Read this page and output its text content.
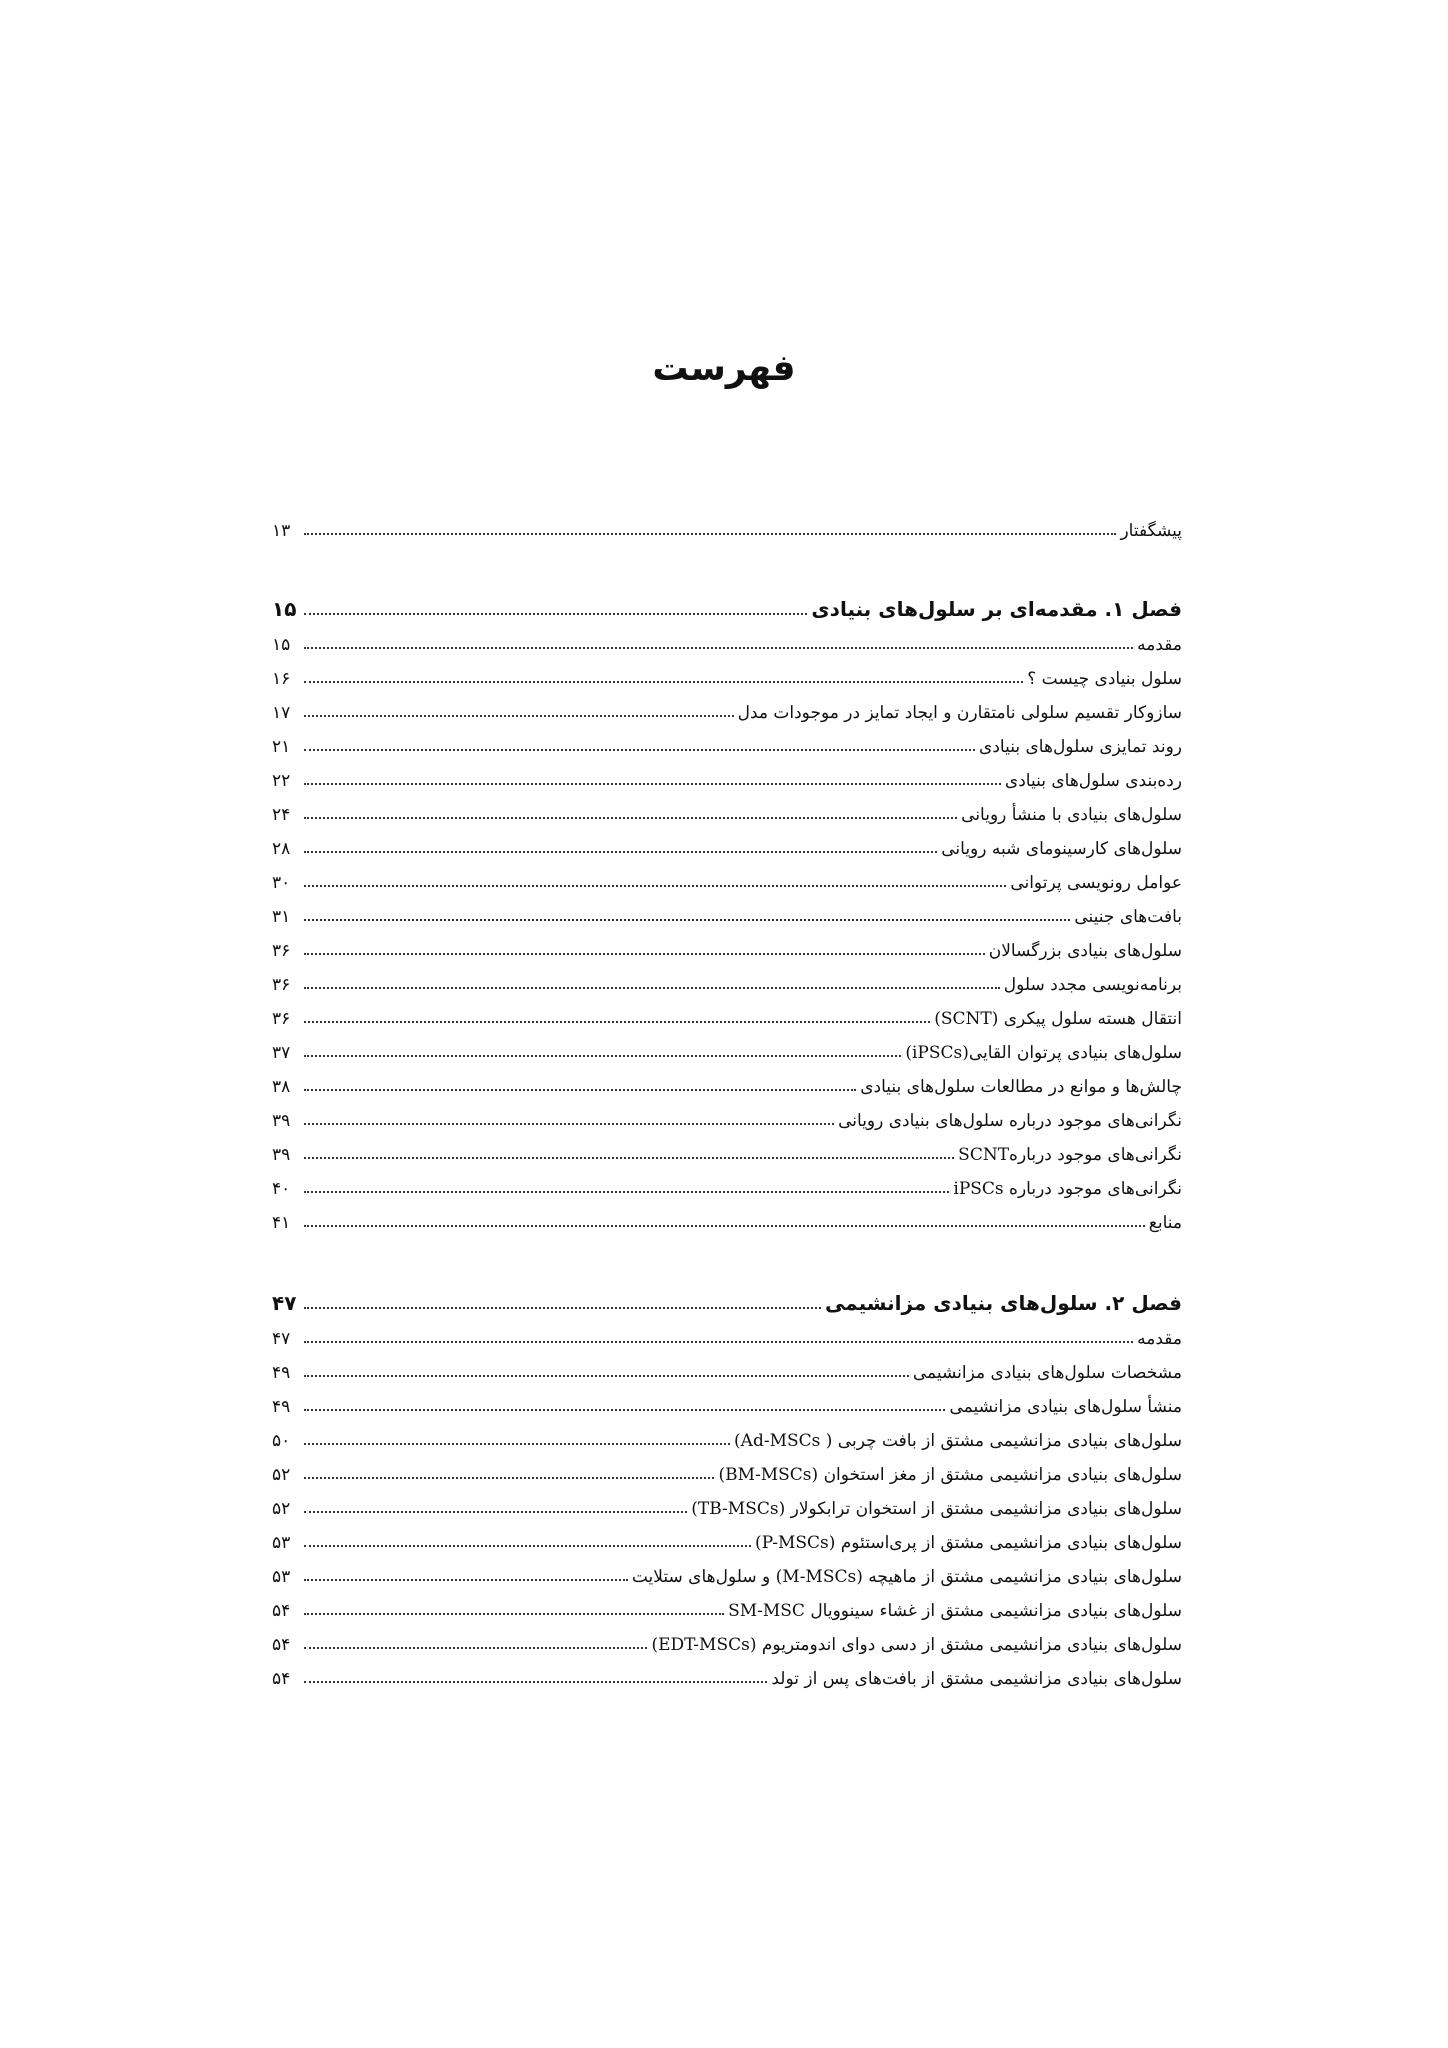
فهرست
پیشگفتار
۱۳
فصل ۱. مقدمه‌ای بر سلول‌های بنیادی
۱۵
مقدمه
۱۵
سلول بنیادی چیست ؟
۱۶
سازوکار تقسیم سلولی نامتقارن و ایجاد تمایز در موجودات مدل
۱۷
روند تمایزی سلول‌های بنیادی
۲۱
رده‌بندی سلول‌های بنیادی
۲۲
سلول‌های بنیادی با منشأ رویانی
۲۴
سلول‌های کارسینومای شبه رویانی
۲۸
عوامل رونویسی پرتوانی
۳۰
بافت‌های جنینی
۳۱
سلول‌های بنیادی بزرگسالان
۳۶
برنامه‌نویسی مجدد سلول
۳۶
انتقال هسته سلول پیکری (SCNT)
۳۶
سلول‌های بنیادی پرتوان القایی(iPSCs)
۳۷
چالش‌ها و موانع در مطالعات سلول‌های بنیادی
۳۸
نگرانی‌های موجود درباره سلول‌های بنیادی رویانی
۳۹
نگرانی‌های موجود دربارهSCNT
۳۹
نگرانی‌های موجود درباره iPSCs
۴۰
منابع
۴۱
فصل ۲. سلول‌های بنیادی مزانشیمی
۴۷
مقدمه
۴۷
مشخصات سلول‌های بنیادی مزانشیمی
۴۹
منشأ سلول‌های بنیادی مزانشیمی
۴۹
سلول‌های بنیادی مزانشیمی مشتق از بافت چربی ( Ad-MSCs)
۵۰
سلول‌های بنیادی مزانشیمی مشتق از مغز استخوان (BM-MSCs)
۵۲
سلول‌های بنیادی مزانشیمی مشتق از استخوان ترابکولار (TB-MSCs)
۵۲
سلول‌های بنیادی مزانشیمی مشتق از پری‌استئوم (P-MSCs)
۵۳
سلول‌های بنیادی مزانشیمی مشتق از ماهیچه (M-MSCs) و سلول‌های ستلایت
۵۳
سلول‌های بنیادی مزانشیمی مشتق از غشاء سینوویال SM-MSC
۵۴
سلول‌های بنیادی مزانشیمی مشتق از دسی دوای اندومتریوم (EDT-MSCs)
۵۴
سلول‌های بنیادی مزانشیمی مشتق از بافت‌های پس از تولد
۵۴
